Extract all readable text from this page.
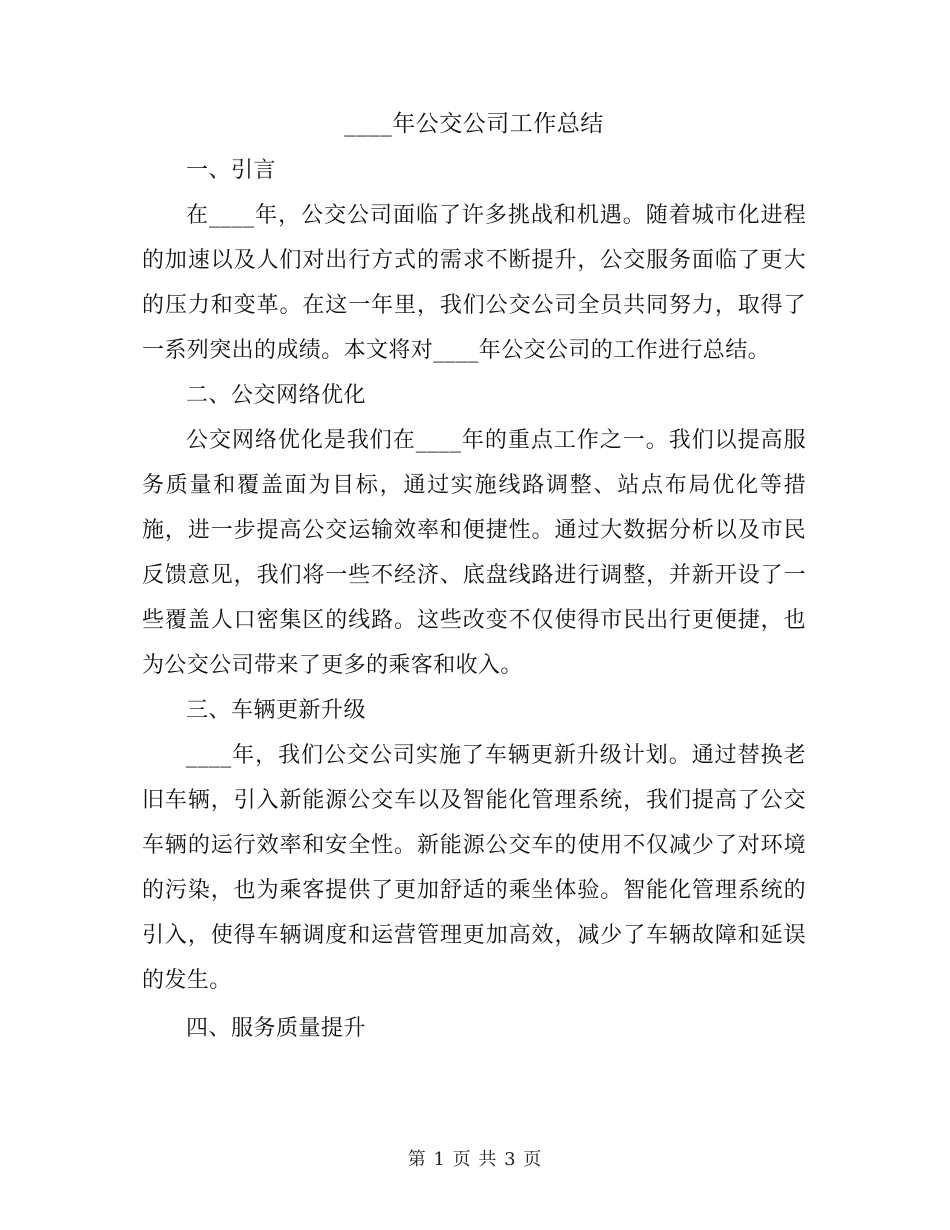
____年公交公司工作总结
一、引言

在____年，公交公司面临了许多挑战和机遇。随着城市化进程的加速以及人们对出行方式的需求不断提升，公交服务面临了更大的压力和变革。在这一年里，我们公交公司全员共同努力，取得了一系列突出的成绩。本文将对____年公交公司的工作进行总结。

二、公交网络优化

公交网络优化是我们在____年的重点工作之一。我们以提高服务质量和覆盖面为目标，通过实施线路调整、站点布局优化等措施，进一步提高公交运输效率和便捷性。通过大数据分析以及市民反馈意见，我们将一些不经济、底盘线路进行调整，并新开设了一些覆盖人口密集区的线路。这些改变不仅使得市民出行更便捷，也为公交公司带来了更多的乘客和收入。

三、车辆更新升级

____年，我们公交公司实施了车辆更新升级计划。通过替换老旧车辆，引入新能源公交车以及智能化管理系统，我们提高了公交车辆的运行效率和安全性。新能源公交车的使用不仅减少了对环境的污染，也为乘客提供了更加舒适的乘坐体验。智能化管理系统的引入，使得车辆调度和运营管理更加高效，减少了车辆故障和延误的发生。

四、服务质量提升
第 1 页 共 3 页
